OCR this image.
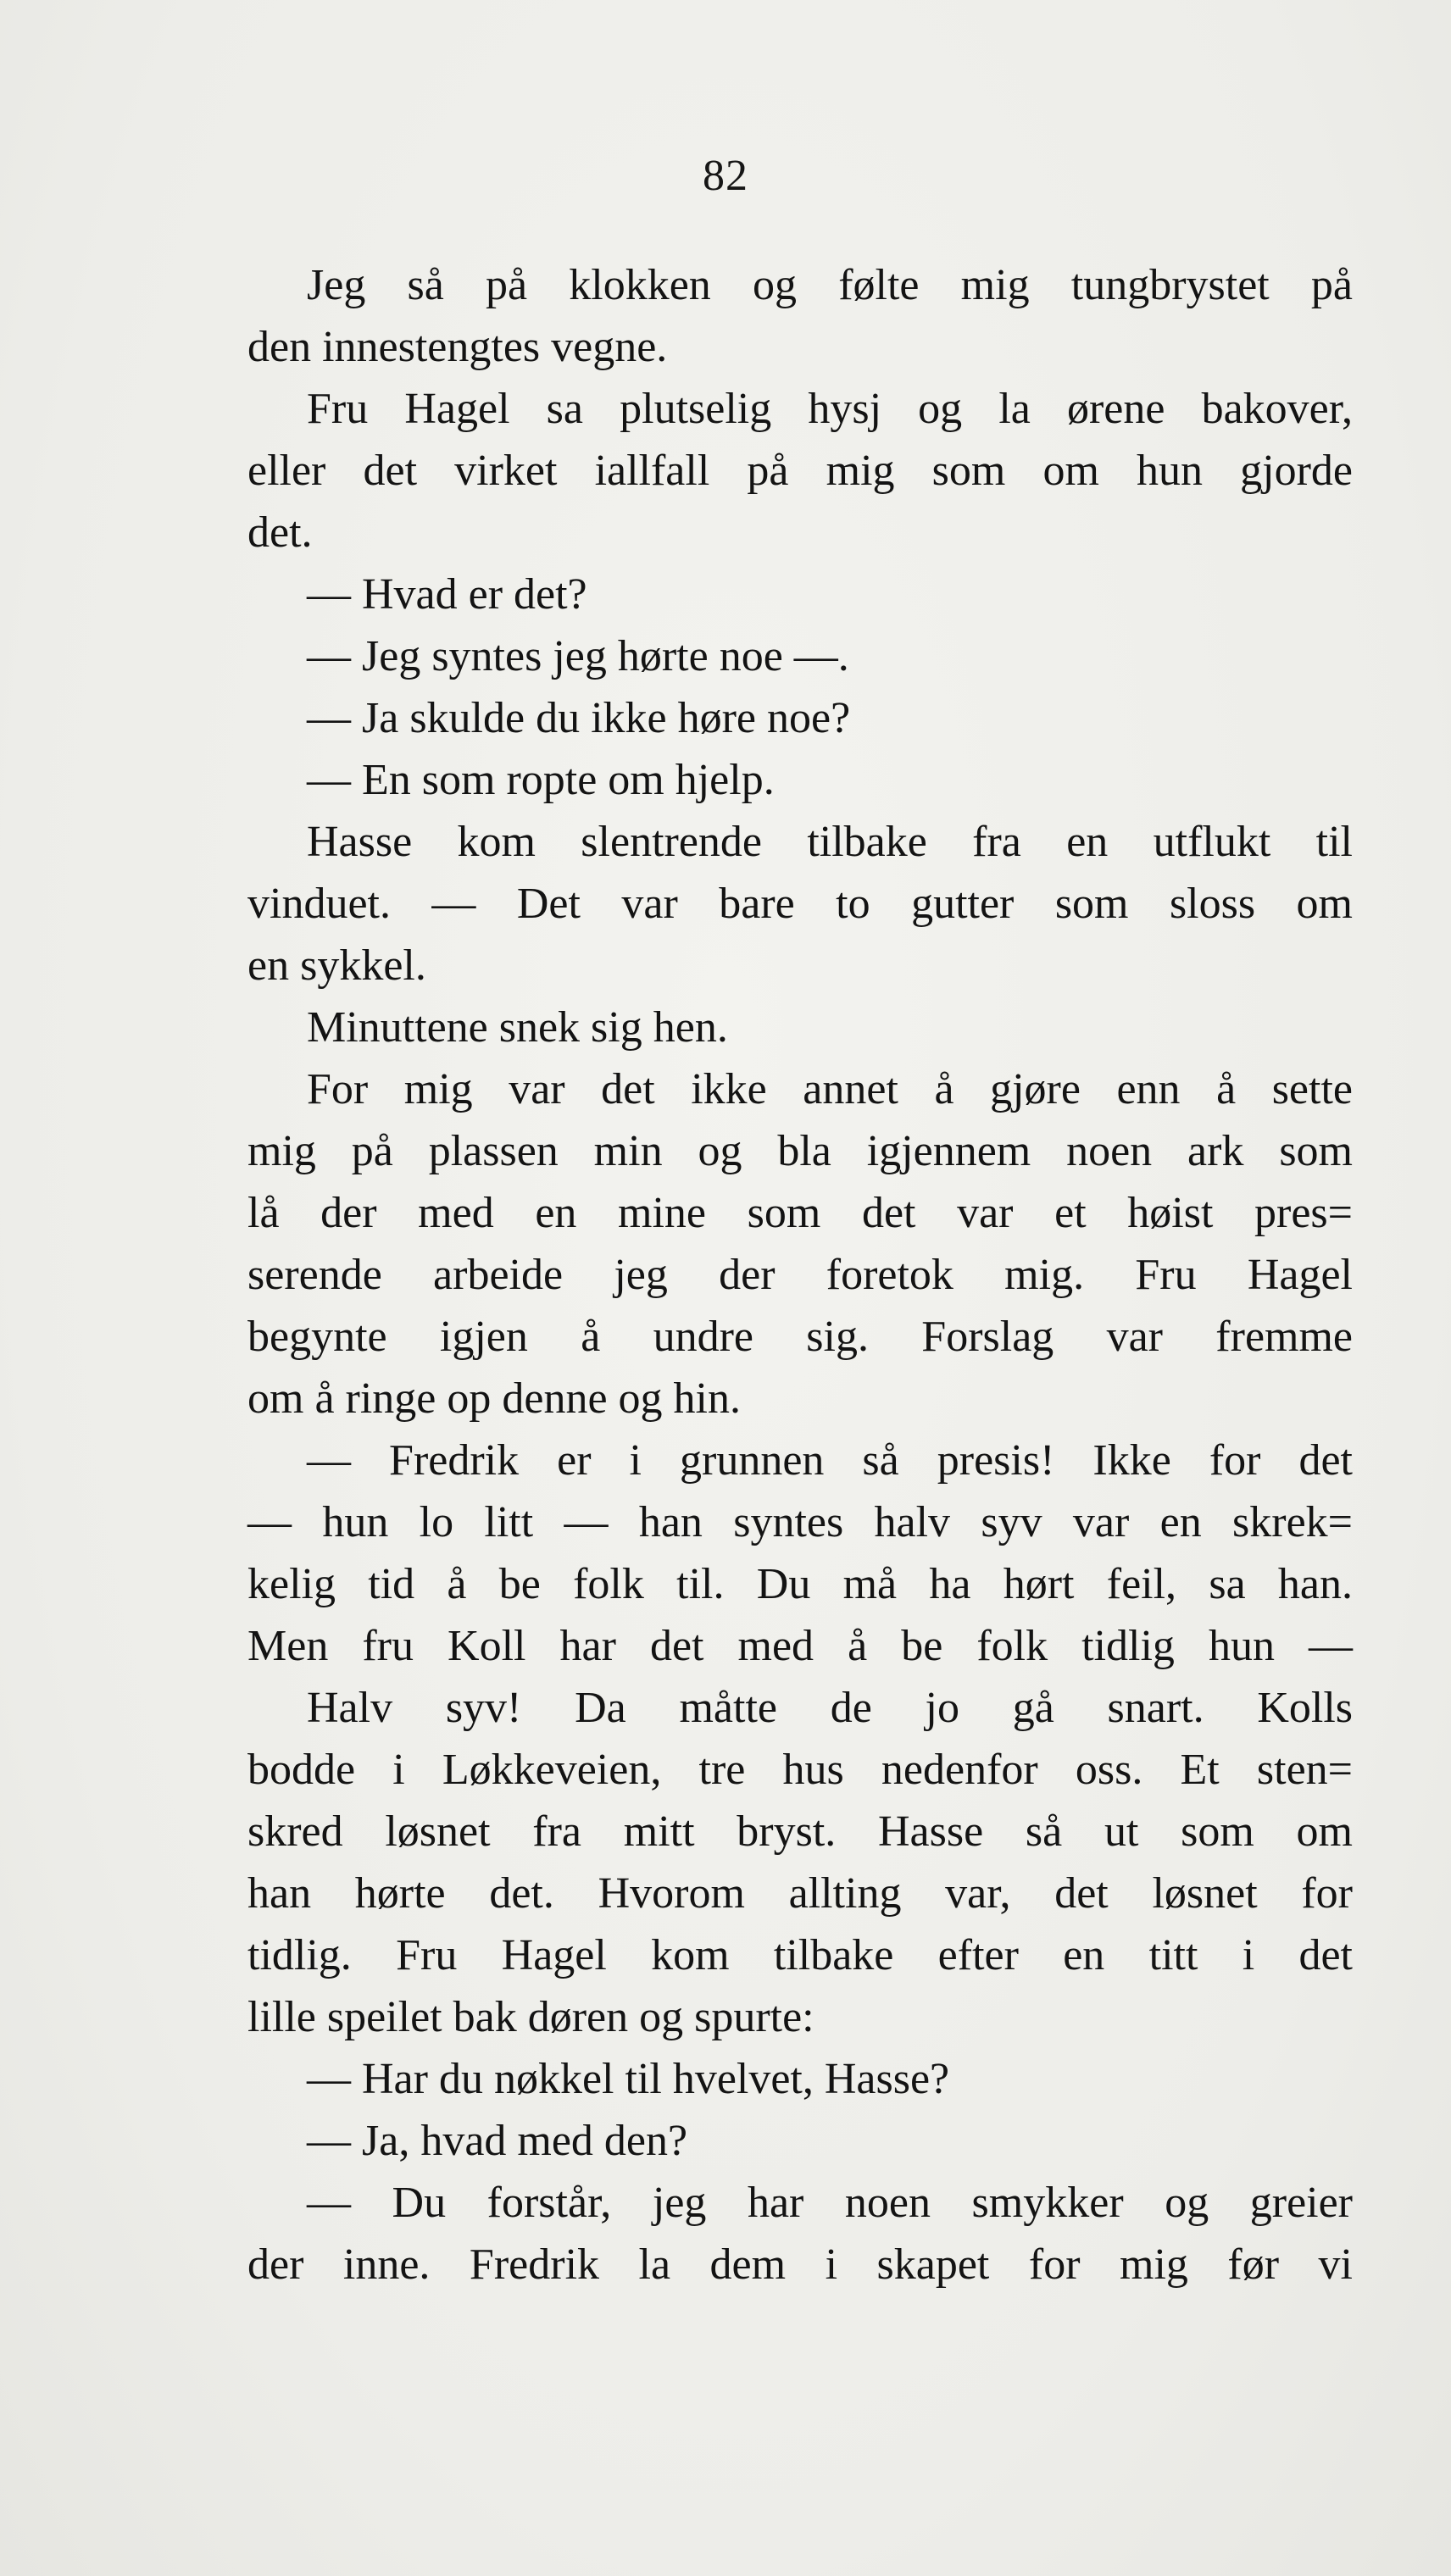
82
Jeg så på klokken og følte mig tungbrystet på
den innestengtes vegne.
Fru Hagel sa plutselig hysj og la ørene bakover,
eller det virket iallfall på mig som om hun gjorde
det.
— Hvad er det?
— Jeg syntes jeg hørte noe —.
— Ja skulde du ikke høre noe?
— En som ropte om hjelp.
Hasse kom slentrende tilbake fra en utflukt til
vinduet. — Det var bare to gutter som sloss om
en sykkel.
Minuttene snek sig hen.
For mig var det ikke annet å gjøre enn å sette
mig på plassen min og bla igjennem noen ark som
lå der med en mine som det var et høist pres=
serende arbeide jeg der foretok mig. Fru Hagel
begynte igjen å undre sig. Forslag var fremme
om å ringe op denne og hin.
— Fredrik er i grunnen så presis! Ikke for det
— hun lo litt — han syntes halv syv var en skrek=
kelig tid å be folk til. Du må ha hørt feil, sa han.
Men fru Koll har det med å be folk tidlig hun —
Halv syv! Da måtte de jo gå snart. Kolls
bodde i Løkkeveien, tre hus nedenfor oss. Et sten=
skred løsnet fra mitt bryst. Hasse så ut som om
han hørte det. Hvorom allting var, det løsnet for
tidlig. Fru Hagel kom tilbake efter en titt i det
lille speilet bak døren og spurte:
— Har du nøkkel til hvelvet, Hasse?
— Ja, hvad med den?
— Du forstår, jeg har noen smykker og greier
der inne. Fredrik la dem i skapet for mig før vi
